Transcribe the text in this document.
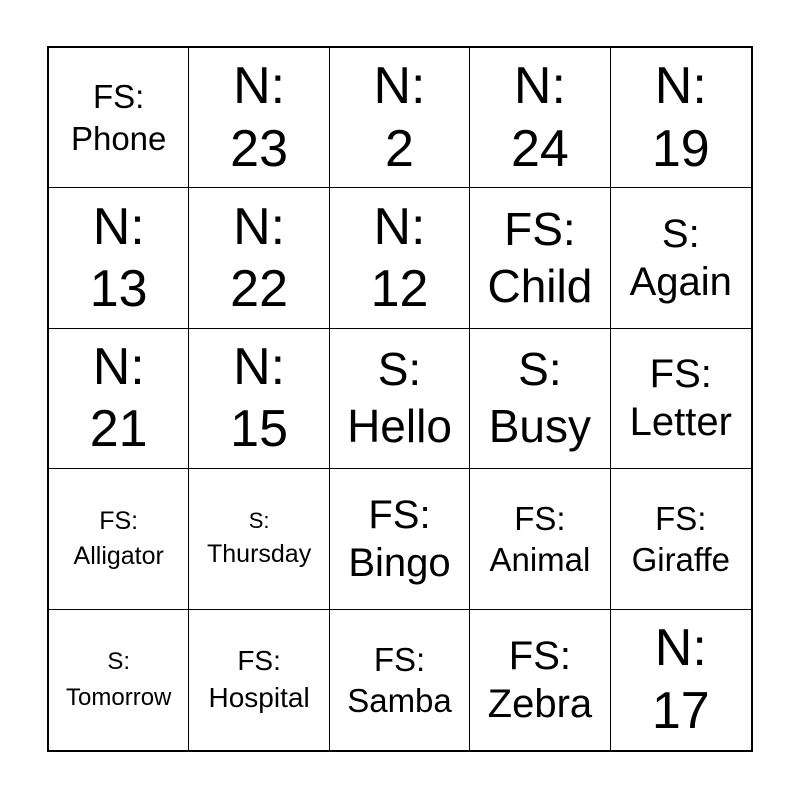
FS:
Phone
N:
23
N:
2
N:
24
N:
19
N:
13
N:
22
N:
12
FS:
Child
S:
Again
N:
21
N:
15
S:
Hello
S:
Busy
FS:
Letter
FS:
Alligator
S:
Thursday
FS:
Bingo
FS:
Animal
FS:
Giraffe
S:
Tomorrow
FS:
Hospital
FS:
Samba
FS:
Zebra
N:
17
